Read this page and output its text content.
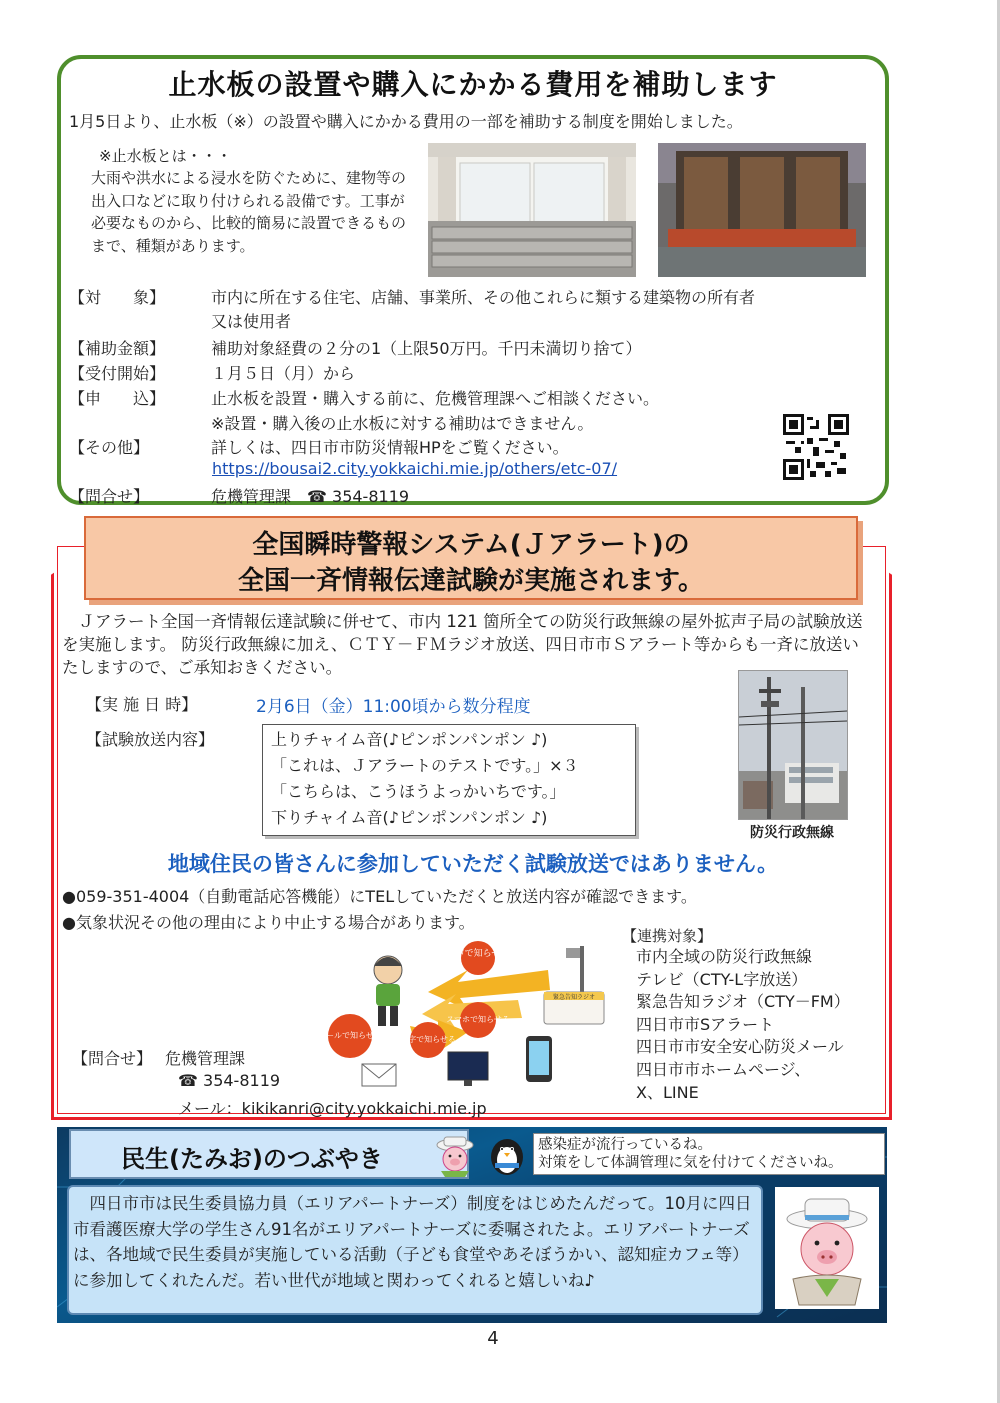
止水板の設置や購入にかかる費用を補助します
1月5日より、止水板（※）の設置や購入にかかる費用の一部を補助する制度を開始しました。
※止水板とは・・・
大雨や洪水による浸水を防ぐために、建物等の出入口などに取り付けられる設備です。工事が必要なものから、比較的簡易に設置できるものまで、種類があります。
【対　　象】	市内に所在する住宅、店舗、事業所、その他これらに類する建築物の所有者
又は使用者
【補助金額】	補助対象経費の２分の1（上限50万円。千円未満切り捨て）
【受付開始】	１月５日（月）から
【申　　込】	止水板を設置・購入する前に、危機管理課へご相談ください。
※設置・購入後の止水板に対する補助はできません。
【その他】	詳しくは、四日市市防災情報HPをご覧ください。
https://bousai2.city.yokkaichi.mie.jp/others/etc-07/
【問合せ】	危機管理課　☎ 354-8119
全国瞬時警報システム(Ｊアラート)の
全国一斉情報伝達試験が実施されます。
　Ｊアラート全国一斉情報伝達試験に併せて、市内 121 箇所全ての防災行政無線の屋外拡声子局の試験放送を実施します。 防災行政無線に加え、ＣＴＹ－ＦＭラジオ放送、四日市市Ｓアラート等からも一斉に放送いたしますので、ご承知おきください。
【実 施 日 時】	2月6日（金）11:00頃から数分程度
【試験放送内容】	上りチャイム音(♪ピンポンパンポン ♪)
「これは、Ｊアラートのテストです。」×３
「こちらは、こうほうよっかいちです。」
下りチャイム音(♪ピンポンパンポン ♪)
防災行政無線
地域住民の皆さんに参加していただく試験放送ではありません。
●059-351-4004（自動電話応答機能）にTELしていただくと放送内容が確認できます。
●気象状況その他の理由により中止する場合があります。
音声で知らせる
スマホで知らせる
文字で知らせる
メールで知らせる
緊急告知ラジオ
【連携対象】
市内全域の防災行政無線
テレビ（CTY-L字放送）
緊急告知ラジオ（CTY－FM）
四日市市Sアラート
四日市市安全安心防災メール
四日市市ホームページ、
X、LINE
【問合せ】 危機管理課
☎ 354-8119
メール：kikikanri@city.yokkaichi.mie.jp
民生(たみお)のつぶやき	感染症が流行っているね。
対策をして体調管理に気を付けてくださいね。
　四日市市は民生委員協力員（エリアパートナーズ）制度をはじめたんだって。10月に四日市看護医療大学の学生さん91名がエリアパートナーズに委嘱されたよ。エリアパートナーズは、各地域で民生委員が実施している活動（子ども食堂やあそぼうかい、認知症カフェ等）に参加してくれたんだ。若い世代が地域と関わってくれると嬉しいね♪
4
